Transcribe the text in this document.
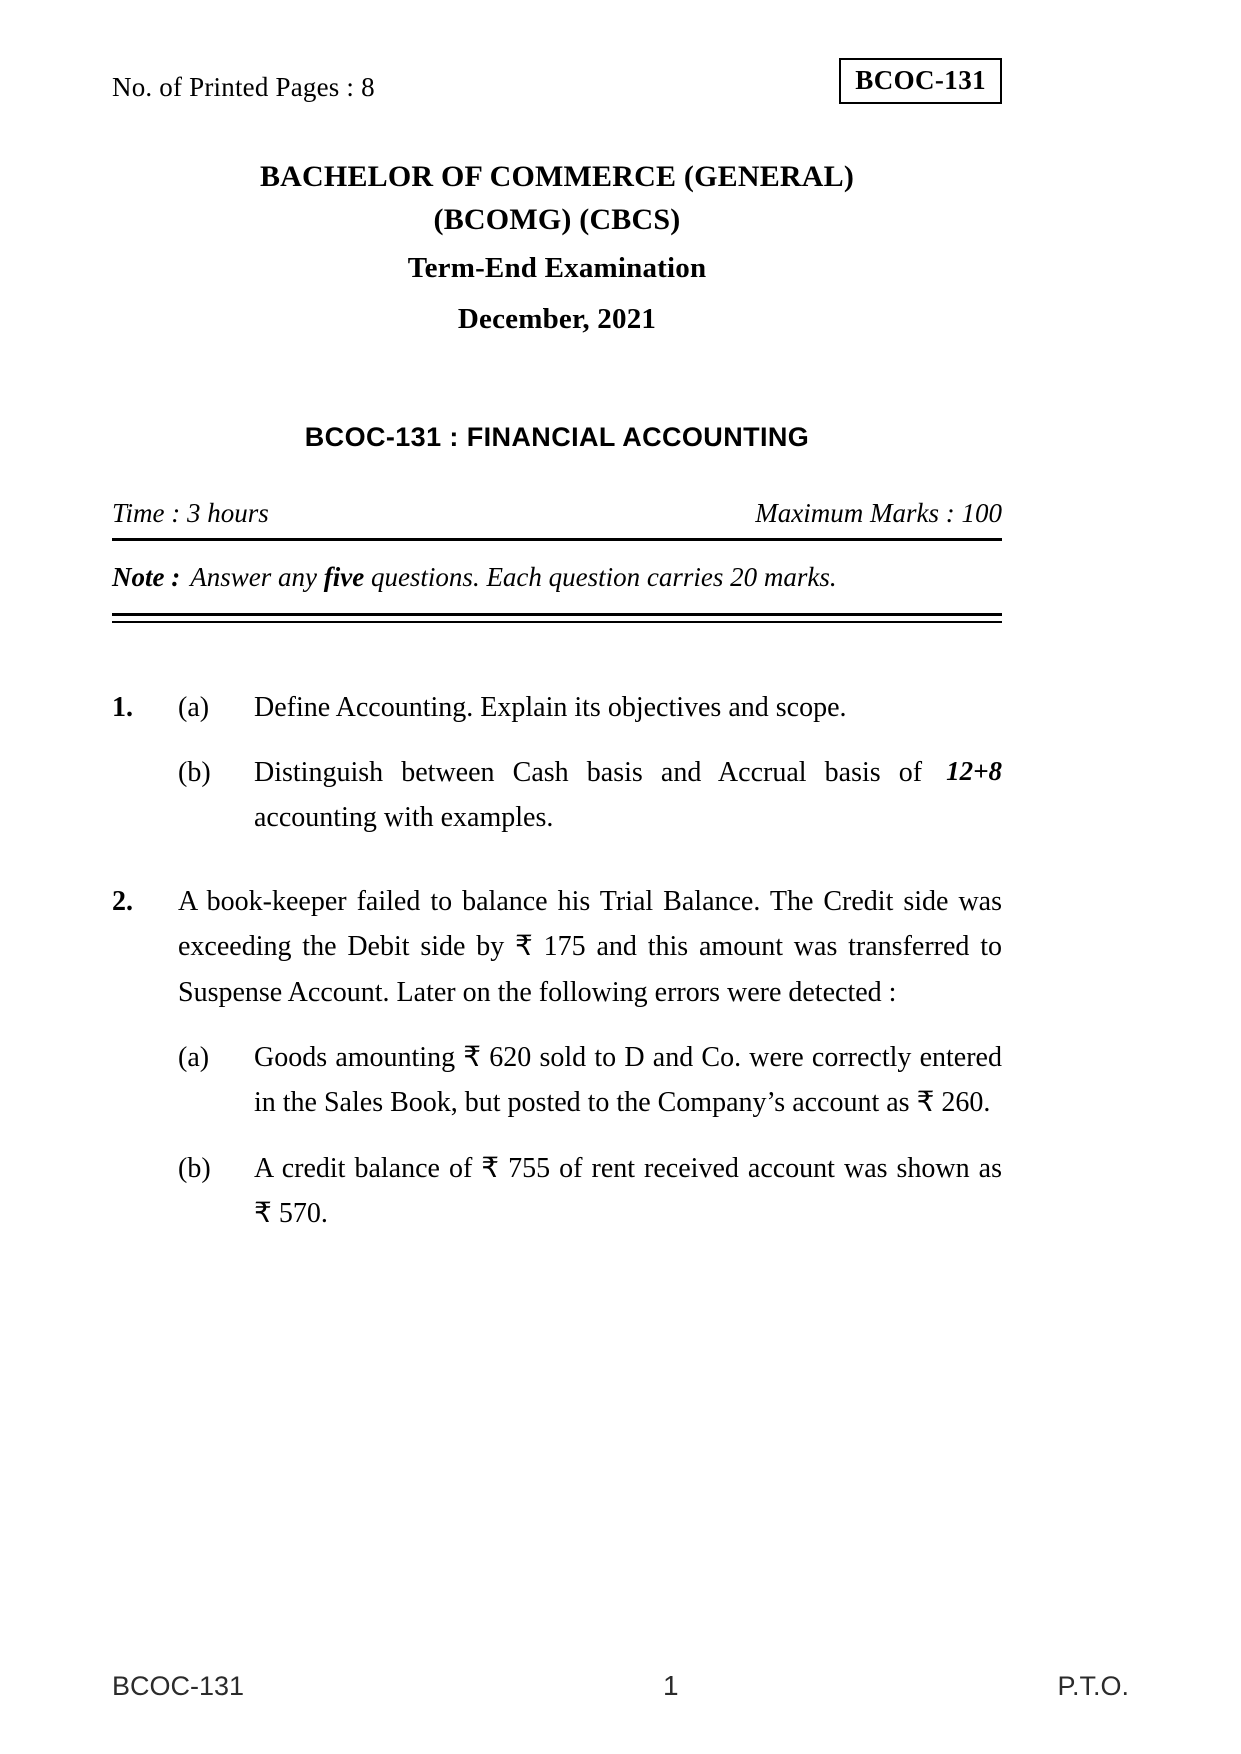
No. of Printed Pages : 8	BCOC-131
BACHELOR OF COMMERCE (GENERAL)
(BCOMG) (CBCS)
Term-End Examination
December, 2021
BCOC-131 : FINANCIAL ACCOUNTING
Time : 3 hours	Maximum Marks : 100
Note : Answer any five questions. Each question carries 20 marks.
1.	(a)	Define Accounting. Explain its objectives and scope.
(b)	12+8
Distinguish between Cash basis and Accrual basis of accounting with examples.
2.	A book-keeper failed to balance his Trial Balance. The Credit side was exceeding the Debit side by ₹ 175 and this amount was transferred to Suspense Account. Later on the following errors were detected :
(a)	Goods amounting ₹ 620 sold to D and Co. were correctly entered in the Sales Book, but posted to the Company’s account as ₹ 260.
(b)	A credit balance of ₹ 755 of rent received account was shown as ₹ 570.
BCOC-131	1	P.T.O.
